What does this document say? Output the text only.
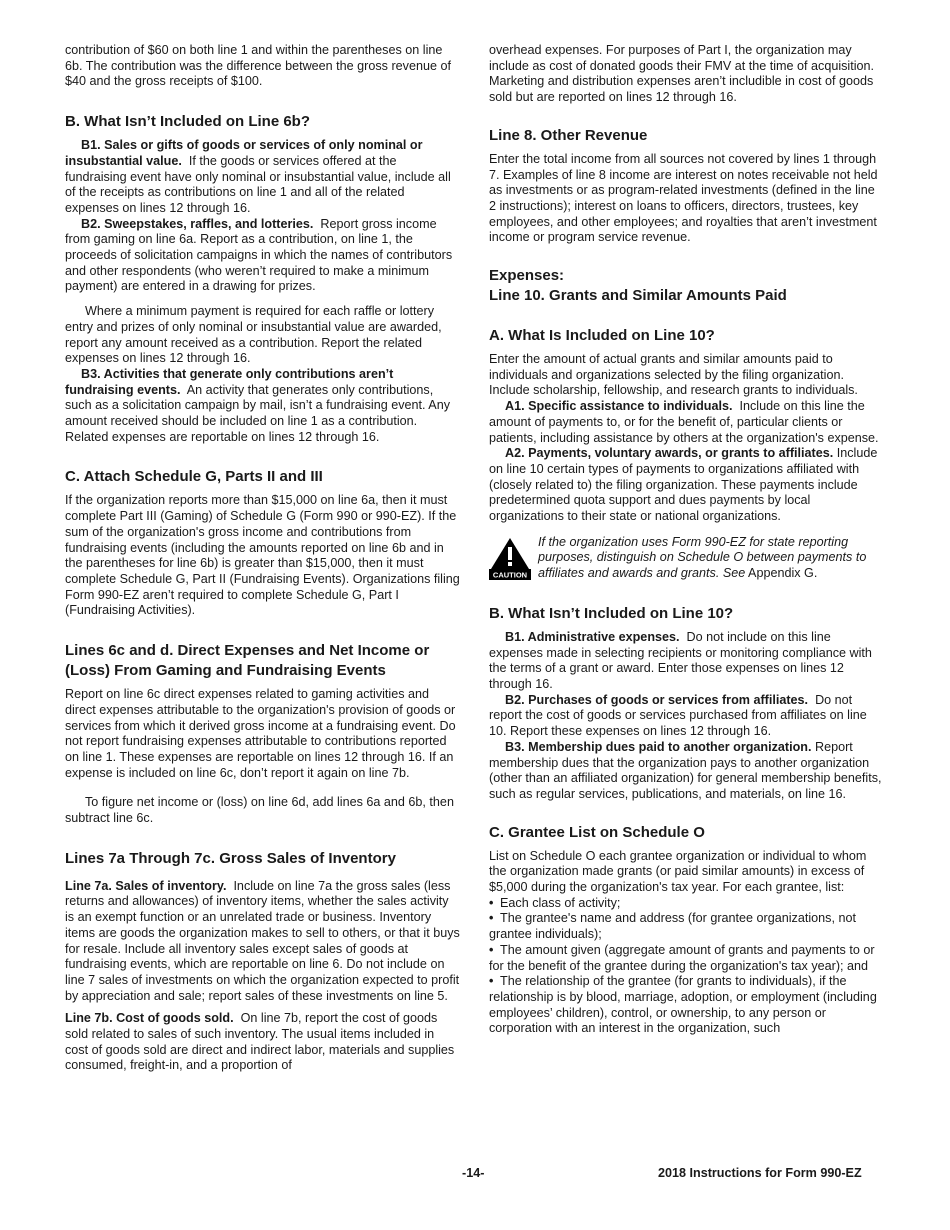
contribution of $60 on both line 1 and within the parentheses on line 6b. The contribution was the difference between the gross revenue of $40 and the gross receipts of $100.

B. What Isn’t Included on Line 6b?

B1. Sales or gifts of goods or services of only nominal or insubstantial value. If the goods or services offered at the fundraising event have only nominal or insubstantial value, include all of the receipts as contributions on line 1 and all of the related expenses on lines 12 through 16.

B2. Sweepstakes, raffles, and lotteries. Report gross income from gaming on line 6a. Report as a contribution, on line 1, the proceeds of solicitation campaigns in which the names of contributors and other respondents (who weren’t required to make a minimum payment) are entered in a drawing for prizes.

Where a minimum payment is required for each raffle or lottery entry and prizes of only nominal or insubstantial value are awarded, report any amount received as a contribution. Report the related expenses on lines 12 through 16.

B3. Activities that generate only contributions aren’t fundraising events. An activity that generates only contributions, such as a solicitation campaign by mail, isn’t a fundraising event. Any amount received should be included on line 1 as a contribution. Related expenses are reportable on lines 12 through 16.

C. Attach Schedule G, Parts II and III

If the organization reports more than $15,000 on line 6a, then it must complete Part III (Gaming) of Schedule G (Form 990 or 990-EZ). If the sum of the organization's gross income and contributions from fundraising events (including the amounts reported on line 6b and in the parentheses for line 6b) is greater than $15,000, then it must complete Schedule G, Part II (Fundraising Events). Organizations filing Form 990-EZ aren’t required to complete Schedule G, Part I (Fundraising Activities).

Lines 6c and d. Direct Expenses and Net Income or (Loss) From Gaming and Fundraising Events

Report on line 6c direct expenses related to gaming activities and direct expenses attributable to the organization's provision of goods or services from which it derived gross income at a fundraising event. Do not report fundraising expenses attributable to contributions reported on line 1. These expenses are reportable on lines 12 through 16. If an expense is included on line 6c, don’t report it again on line 7b.

To figure net income or (loss) on line 6d, add lines 6a and 6b, then subtract line 6c.

Lines 7a Through 7c. Gross Sales of Inventory

Line 7a. Sales of inventory. Include on line 7a the gross sales (less returns and allowances) of inventory items, whether the sales activity is an exempt function or an unrelated trade or business. Inventory items are goods the organization makes to sell to others, or that it buys for resale. Include all inventory sales except sales of goods at fundraising events, which are reportable on line 6. Do not include on line 7 sales of investments on which the organization expected to profit by appreciation and sale; report sales of these investments on line 5.

Line 7b. Cost of goods sold. On line 7b, report the cost of goods sold related to sales of such inventory. The usual items included in cost of goods sold are direct and indirect labor, materials and supplies consumed, freight-in, and a proportion of

overhead expenses. For purposes of Part I, the organization may include as cost of donated goods their FMV at the time of acquisition. Marketing and distribution expenses aren’t includible in cost of goods sold but are reported on lines 12 through 16.

Line 8. Other Revenue

Enter the total income from all sources not covered by lines 1 through 7. Examples of line 8 income are interest on notes receivable not held as investments or as program-related investments (defined in the line 2 instructions); interest on loans to officers, directors, trustees, key employees, and other employees; and royalties that aren’t investment income or program service revenue.

Expenses:
Line 10. Grants and Similar Amounts Paid
A. What Is Included on Line 10?

Enter the amount of actual grants and similar amounts paid to individuals and organizations selected by the filing organization. Include scholarship, fellowship, and research grants to individuals.

A1. Specific assistance to individuals. Include on this line the amount of payments to, or for the benefit of, particular clients or patients, including assistance by others at the organization's expense.

A2. Payments, voluntary awards, or grants to affiliates. Include on line 10 certain types of payments to organizations affiliated with (closely related to) the filing organization. These payments include predetermined quota support and dues payments by local organizations to their state or national organizations.

CAUTION

If the organization uses Form 990-EZ for state reporting purposes, distinguish on Schedule O between payments to affiliates and awards and grants. See Appendix G.

B. What Isn’t Included on Line 10?

B1. Administrative expenses. Do not include on this line expenses made in selecting recipients or monitoring compliance with the terms of a grant or award. Enter those expenses on lines 12 through 16.

B2. Purchases of goods or services from affiliates. Do not report the cost of goods or services purchased from affiliates on line 10. Report these expenses on lines 12 through 16.

B3. Membership dues paid to another organization. Report membership dues that the organization pays to another organization (other than an affiliated organization) for general membership benefits, such as regular services, publications, and materials, on line 16.

C. Grantee List on Schedule O

List on Schedule O each grantee organization or individual to whom the organization made grants (or paid similar amounts) in excess of $5,000 during the organization's tax year. For each grantee, list:

• Each class of activity;

• The grantee's name and address (for grantee organizations, not grantee individuals);

• The amount given (aggregate amount of grants and payments to or for the benefit of the grantee during the organization's tax year); and

• The relationship of the grantee (for grants to individuals), if the relationship is by blood, marriage, adoption, or employment (including employees’ children), control, or ownership, to any person or corporation with an interest in the organization, such

-14-	2018 Instructions for Form 990-EZ
